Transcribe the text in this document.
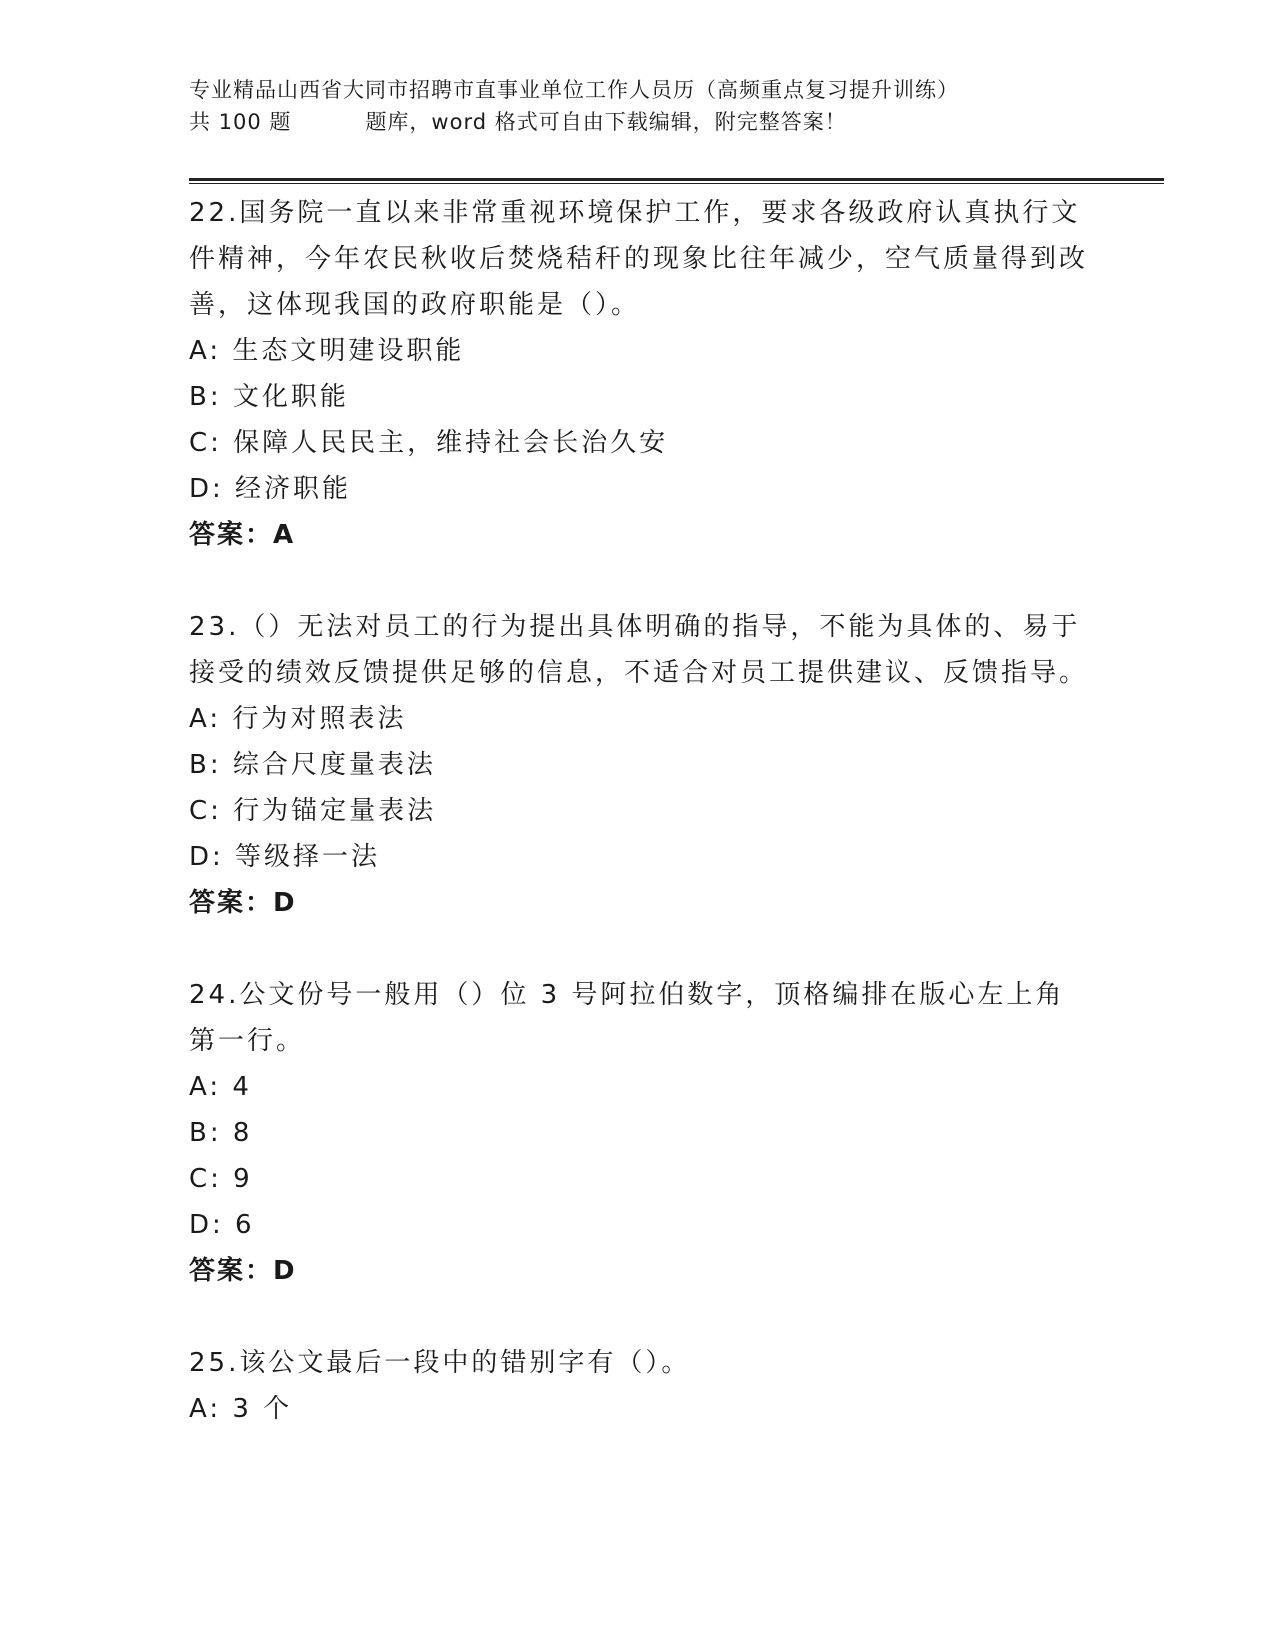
专业精品山西省大同市招聘市直事业单位工作人员历（高频重点复习提升训练）
共 100 题	题库，word 格式可自由下载编辑，附完整答案！
22.国务院一直以来非常重视环境保护工作，要求各级政府认真执行文件精神，今年农民秋收后焚烧秸秆的现象比往年减少，空气质量得到改善，这体现我国的政府职能是（）。
A: 生态文明建设职能
B: 文化职能
C: 保障人民民主，维持社会长治久安
D: 经济职能
答案：A
23.（）无法对员工的行为提出具体明确的指导，不能为具体的、易于接受的绩效反馈提供足够的信息，不适合对员工提供建议、反馈指导。
A: 行为对照表法
B: 综合尺度量表法
C: 行为锚定量表法
D: 等级择一法
答案：D
24.公文份号一般用（）位 3 号阿拉伯数字，顶格编排在版心左上角第一行。
A: 4
B: 8
C: 9
D: 6
答案：D
25.该公文最后一段中的错别字有（）。
A: 3 个
